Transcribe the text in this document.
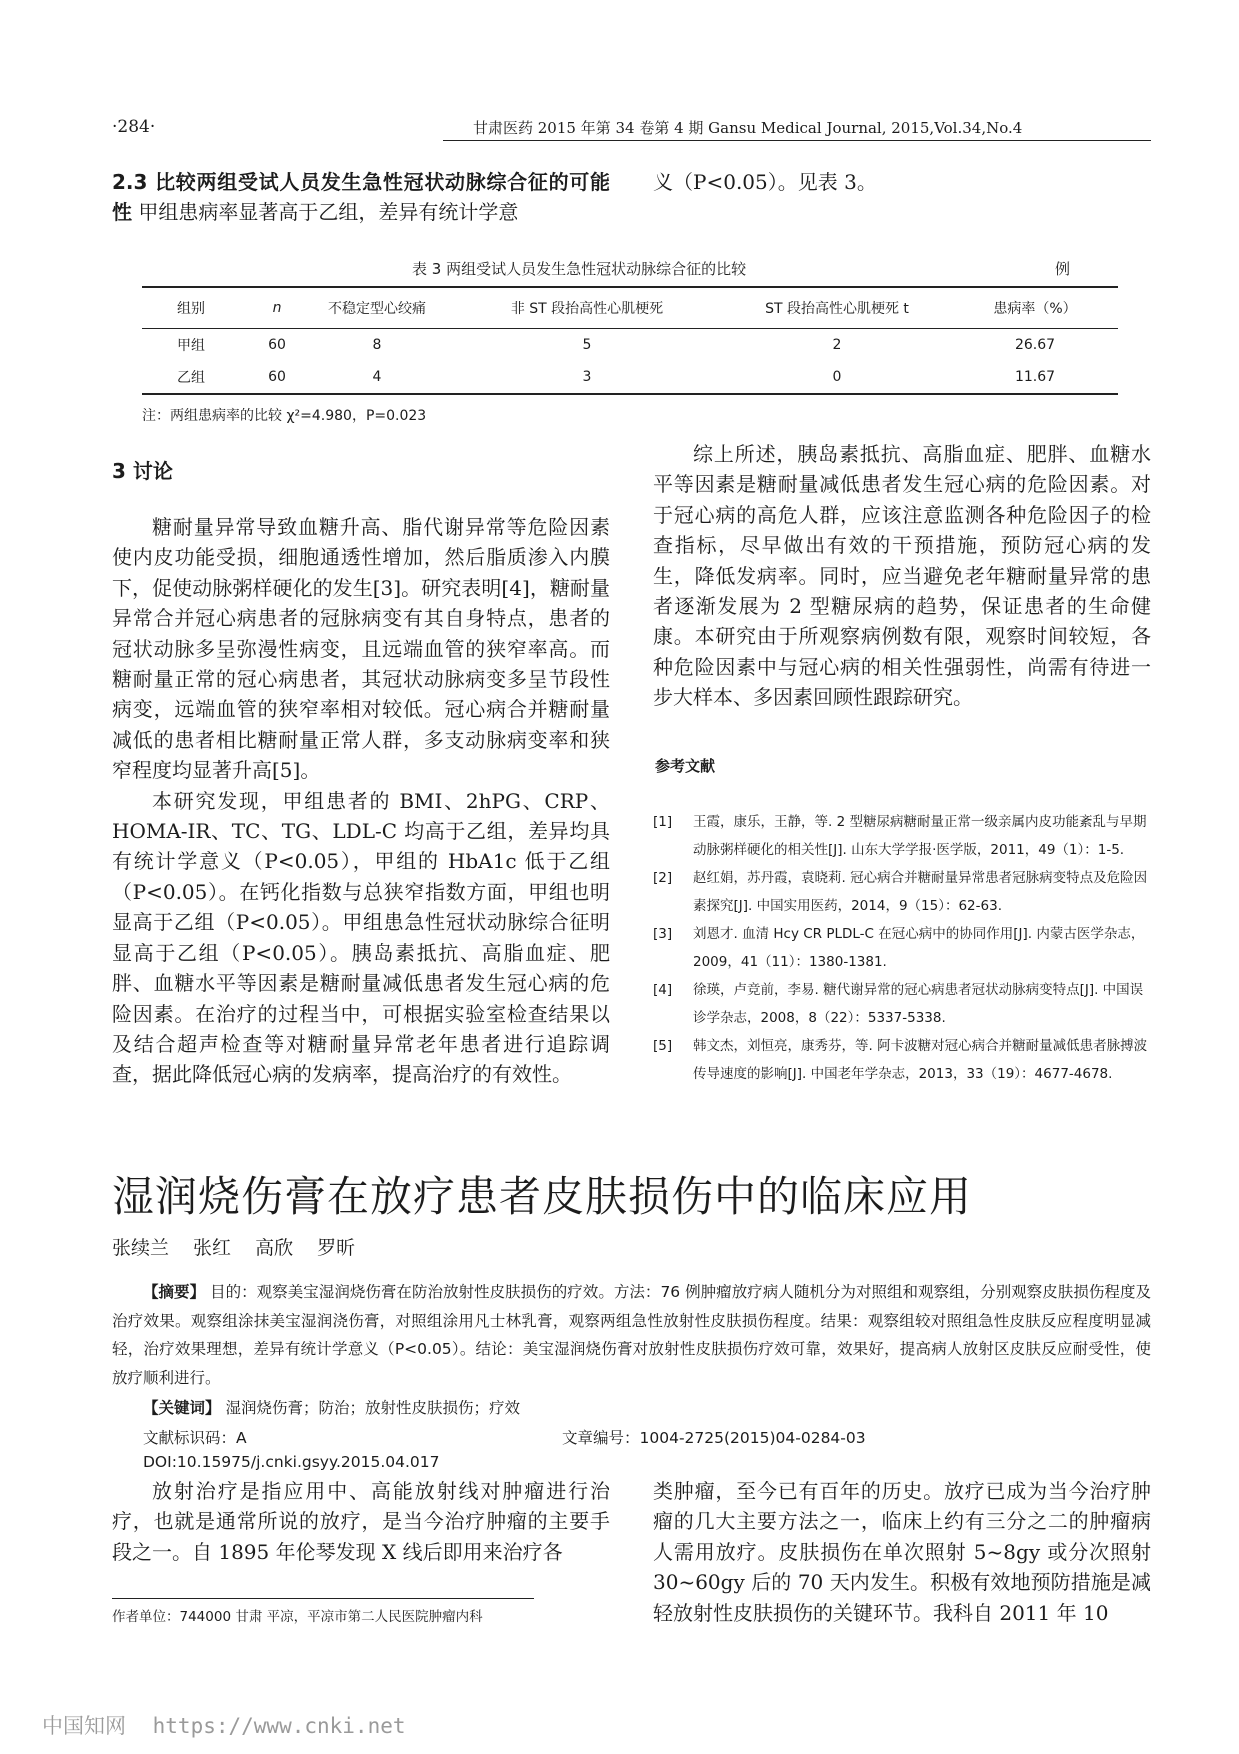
·284·	甘肃医药 2015 年第 34 卷第 4 期 Gansu Medical Journal, 2015,Vol.34,No.4

2.3 比较两组受试人员发生急性冠状动脉综合征的可能性 甲组患病率显著高于乙组，差异有统计学意

义（P<0.05）。见表 3。

表 3 两组受试人员发生急性冠状动脉综合征的比较	例
组别	n	不稳定型心绞痛	非 ST 段抬高性心肌梗死	ST 段抬高性心肌梗死 t	患病率（%）
甲组	60	8	5	2	26.67
乙组	60	4	3	0	11.67
注：两组患病率的比较 χ²=4.980，P=0.023

3 讨论

糖耐量异常导致血糖升高、脂代谢异常等危险因素使内皮功能受损，细胞通透性增加，然后脂质渗入内膜下，促使动脉粥样硬化的发生[3]。研究表明[4]，糖耐量异常合并冠心病患者的冠脉病变有其自身特点，患者的冠状动脉多呈弥漫性病变，且远端血管的狭窄率高。而糖耐量正常的冠心病患者，其冠状动脉病变多呈节段性病变，远端血管的狭窄率相对较低。冠心病合并糖耐量减低的患者相比糖耐量正常人群，多支动脉病变率和狭窄程度均显著升高[5]。

本研究发现，甲组患者的 BMI、2hPG、CRP、HOMA-IR、TC、TG、LDL-C 均高于乙组，差异均具有统计学意义（P<0.05），甲组的 HbA1c 低于乙组（P<0.05）。在钙化指数与总狭窄指数方面，甲组也明显高于乙组（P<0.05）。甲组患急性冠状动脉综合征明显高于乙组（P<0.05）。胰岛素抵抗、高脂血症、肥胖、血糖水平等因素是糖耐量减低患者发生冠心病的危险因素。在治疗的过程当中，可根据实验室检查结果以及结合超声检查等对糖耐量异常老年患者进行追踪调查，据此降低冠心病的发病率，提高治疗的有效性。

综上所述，胰岛素抵抗、高脂血症、肥胖、血糖水平等因素是糖耐量减低患者发生冠心病的危险因素。对于冠心病的高危人群，应该注意监测各种危险因子的检查指标，尽早做出有效的干预措施，预防冠心病的发生，降低发病率。同时，应当避免老年糖耐量异常的患者逐渐发展为 2 型糖尿病的趋势，保证患者的生命健康。本研究由于所观察病例数有限，观察时间较短，各种危险因素中与冠心病的相关性强弱性，尚需有待进一步大样本、多因素回顾性跟踪研究。

参考文献
[1]	王霞，康乐，王静，等. 2 型糖尿病糖耐量正常一级亲属内皮功能紊乱与早期动脉粥样硬化的相关性[J]. 山东大学学报·医学版，2011，49（1）：1-5.
[2]	赵红娟，苏丹霞，袁晓莉. 冠心病合并糖耐量异常患者冠脉病变特点及危险因素探究[J]. 中国实用医药，2014，9（15）：62-63.
[3]	刘恩才. 血清 Hcy CR PLDL-C 在冠心病中的协同作用[J]. 内蒙古医学杂志，2009，41（11）：1380-1381.
[4]	徐瑛，卢竞前，李易. 糖代谢异常的冠心病患者冠状动脉病变特点[J]. 中国误诊学杂志，2008，8（22）：5337-5338.
[5]	韩文杰，刘恒亮，康秀芬，等. 阿卡波糖对冠心病合并糖耐量减低患者脉搏波传导速度的影响[J]. 中国老年学杂志，2013，33（19）：4677-4678.
湿润烧伤膏在放疗患者皮肤损伤中的临床应用
张续兰 张红 高欣 罗昕

【摘要】 目的：观察美宝湿润烧伤膏在防治放射性皮肤损伤的疗效。方法：76 例肿瘤放疗病人随机分为对照组和观察组，分别观察皮肤损伤程度及治疗效果。观察组涂抹美宝湿润浇伤膏，对照组涂用凡士林乳膏，观察两组急性放射性皮肤损伤程度。结果：观察组较对照组急性皮肤反应程度明显减轻，治疗效果理想，差异有统计学意义（P<0.05）。结论：美宝湿润烧伤膏对放射性皮肤损伤疗效可靠，效果好，提高病人放射区皮肤反应耐受性，使放疗顺利进行。

【关键词】 湿润烧伤膏；防治；放射性皮肤损伤；疗效
文献标识码：A	文章编号：1004-2725(2015)04-0284-03
DOI:10.15975/j.cnki.gsyy.2015.04.017

放射治疗是指应用中、高能放射线对肿瘤进行治疗，也就是通常所说的放疗，是当今治疗肿瘤的主要手段之一。自 1895 年伦琴发现 X 线后即用来治疗各

类肿瘤，至今已有百年的历史。放疗已成为当今治疗肿瘤的几大主要方法之一，临床上约有三分之二的肿瘤病人需用放疗。皮肤损伤在单次照射 5~8gy 或分次照射 30~60gy 后的 70 天内发生。积极有效地预防措施是减轻放射性皮肤损伤的关键环节。我科自 2011 年 10

作者单位：744000 甘肃 平凉，平凉市第二人民医院肿瘤内科
中国知网 https://www.cnki.net
